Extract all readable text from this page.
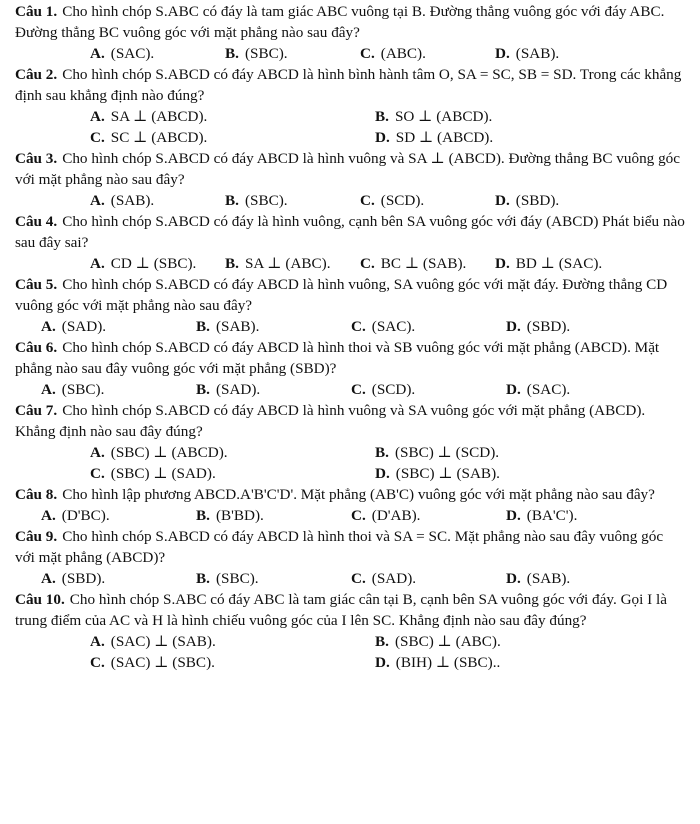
Câu 1. Cho hình chóp S.ABC có đáy là tam giác ABC vuông tại B. Đường thẳng vuông góc với đáy ABC. Đường thẳng BC vuông góc với mặt phẳng nào sau đây?

A. (SAC).	B. (SBC).	C. (ABC).	D. (SAB).

Câu 2. Cho hình chóp S.ABCD có đáy ABCD là hình bình hành tâm O, SA = SC, SB = SD. Trong các khẳng định sau khẳng định nào đúng?

A. SA ⊥ (ABCD).	B. SO ⊥ (ABCD).
C. SC ⊥ (ABCD).	D. SD ⊥ (ABCD).

Câu 3. Cho hình chóp S.ABCD có đáy ABCD là hình vuông và SA ⊥ (ABCD). Đường thẳng BC vuông góc với mặt phẳng nào sau đây?

A. (SAB).	B. (SBC).	C. (SCD).	D. (SBD).

Câu 4. Cho hình chóp S.ABCD có đáy là hình vuông, cạnh bên SA vuông góc với đáy (ABCD) Phát biểu nào sau đây sai?

A. CD ⊥ (SBC).	B. SA ⊥ (ABC).	C. BC ⊥ (SAB).	D. BD ⊥ (SAC).

Câu 5. Cho hình chóp S.ABCD có đáy ABCD là hình vuông, SA vuông góc với mặt đáy. Đường thẳng CD vuông góc với mặt phẳng nào sau đây?

A. (SAD).	B. (SAB).	C. (SAC).	D. (SBD).

Câu 6. Cho hình chóp S.ABCD có đáy ABCD là hình thoi và SB vuông góc với mặt phẳng (ABCD). Mặt phẳng nào sau đây vuông góc với mặt phẳng (SBD)?

A. (SBC).	B. (SAD).	C. (SCD).	D. (SAC).

Câu 7. Cho hình chóp S.ABCD có đáy ABCD là hình vuông và SA vuông góc với mặt phẳng (ABCD). Khẳng định nào sau đây đúng?

A. (SBC) ⊥ (ABCD).	B. (SBC) ⊥ (SCD).
C. (SBC) ⊥ (SAD).	D. (SBC) ⊥ (SAB).

Câu 8. Cho hình lập phương ABCD.A'B'C'D'. Mặt phẳng (AB'C) vuông góc với mặt phẳng nào sau đây?

A. (D'BC).	B. (B'BD).	C. (D'AB).	D. (BA'C').

Câu 9. Cho hình chóp S.ABCD có đáy ABCD là hình thoi và SA = SC. Mặt phẳng nào sau đây vuông góc với mặt phẳng (ABCD)?

A. (SBD).	B. (SBC).	C. (SAD).	D. (SAB).

Câu 10. Cho hình chóp S.ABC có đáy ABC là tam giác cân tại B, cạnh bên SA vuông góc với đáy. Gọi I là trung điểm của AC và H là hình chiếu vuông góc của I lên SC. Khẳng định nào sau đây đúng?

A. (SAC) ⊥ (SAB).	B. (SBC) ⊥ (ABC).
C. (SAC) ⊥ (SBC).	D. (BIH) ⊥ (SBC)..
